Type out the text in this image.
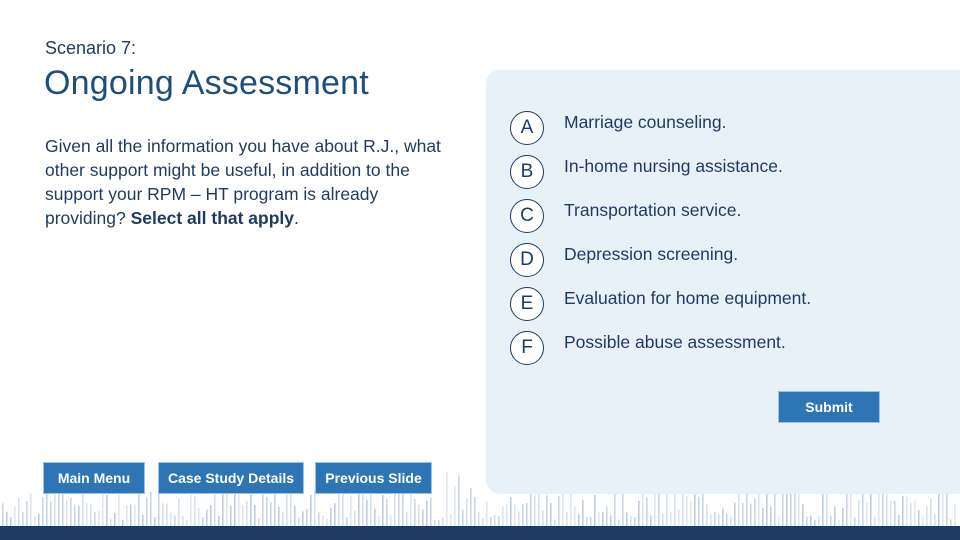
Scenario 7:
Ongoing Assessment
Given all the information you have about R.J., what other support might be useful, in addition to the support your RPM – HT program is already providing? Select all that apply.
A	Marriage counseling.
B	In-home nursing assistance.
C	Transportation service.
D	Depression screening.
E	Evaluation for home equipment.
F	Possible abuse assessment.
Submit
Main Menu	Case Study Details	Previous Slide
